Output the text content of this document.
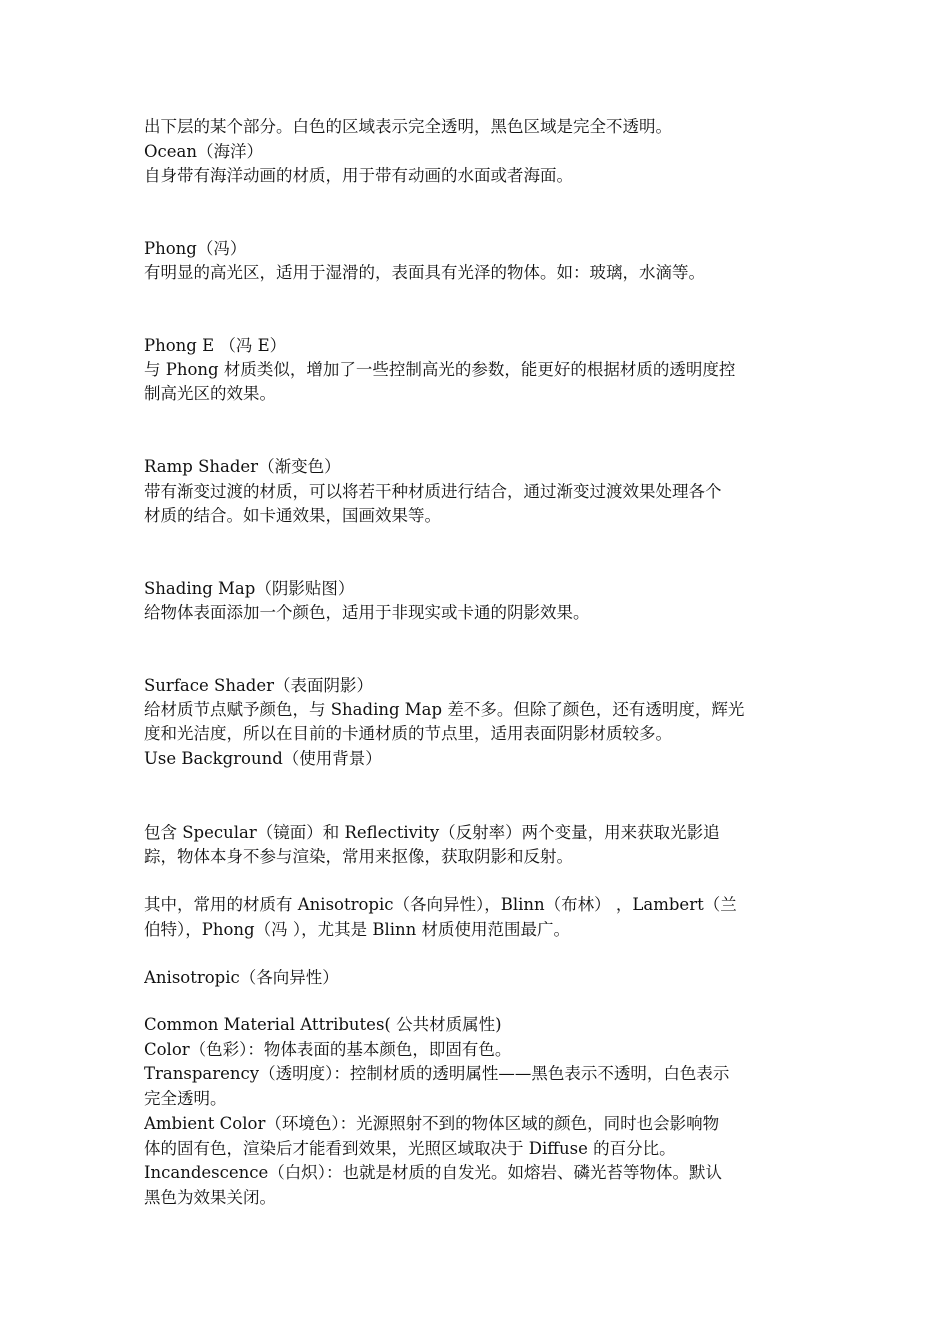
出下层的某个部分。白色的区域表示完全透明，黑色区域是完全不透明。
Ocean（海洋）
自身带有海洋动画的材质，用于带有动画的水面或者海面。
Phong（冯）
有明显的高光区，适用于湿滑的，表面具有光泽的物体。如：玻璃，水滴等。
Phong E （冯 E）
与 Phong 材质类似，增加了一些控制高光的参数，能更好的根据材质的透明度控
制高光区的效果。
Ramp Shader（渐变色）
带有渐变过渡的材质，可以将若干种材质进行结合，通过渐变过渡效果处理各个
材质的结合。如卡通效果，国画效果等。
Shading Map（阴影贴图）
给物体表面添加一个颜色，适用于非现实或卡通的阴影效果。
Surface Shader（表面阴影）
给材质节点赋予颜色，与 Shading Map 差不多。但除了颜色，还有透明度，辉光
度和光洁度，所以在目前的卡通材质的节点里，适用表面阴影材质较多。
Use Background（使用背景）
包含 Specular（镜面）和 Reflectivity（反射率）两个变量，用来获取光影追
踪，物体本身不参与渲染，常用来抠像，获取阴影和反射。
其中，常用的材质有 Anisotropic（各向异性），Blinn（布林） ，Lambert（兰
伯特），Phong（冯 ），尤其是 Blinn 材质使用范围最广。
Anisotropic（各向异性）
Common Material Attributes( 公共材质属性)
Color（色彩）：物体表面的基本颜色，即固有色。
Transparency（透明度）：控制材质的透明属性——黑色表示不透明，白色表示
完全透明。
Ambient Color（环境色）：光源照射不到的物体区域的颜色，同时也会影响物
体的固有色，渲染后才能看到效果，光照区域取决于 Diffuse 的百分比。
Incandescence（白炽）：也就是材质的自发光。如熔岩、磷光苔等物体。默认
黑色为效果关闭。
